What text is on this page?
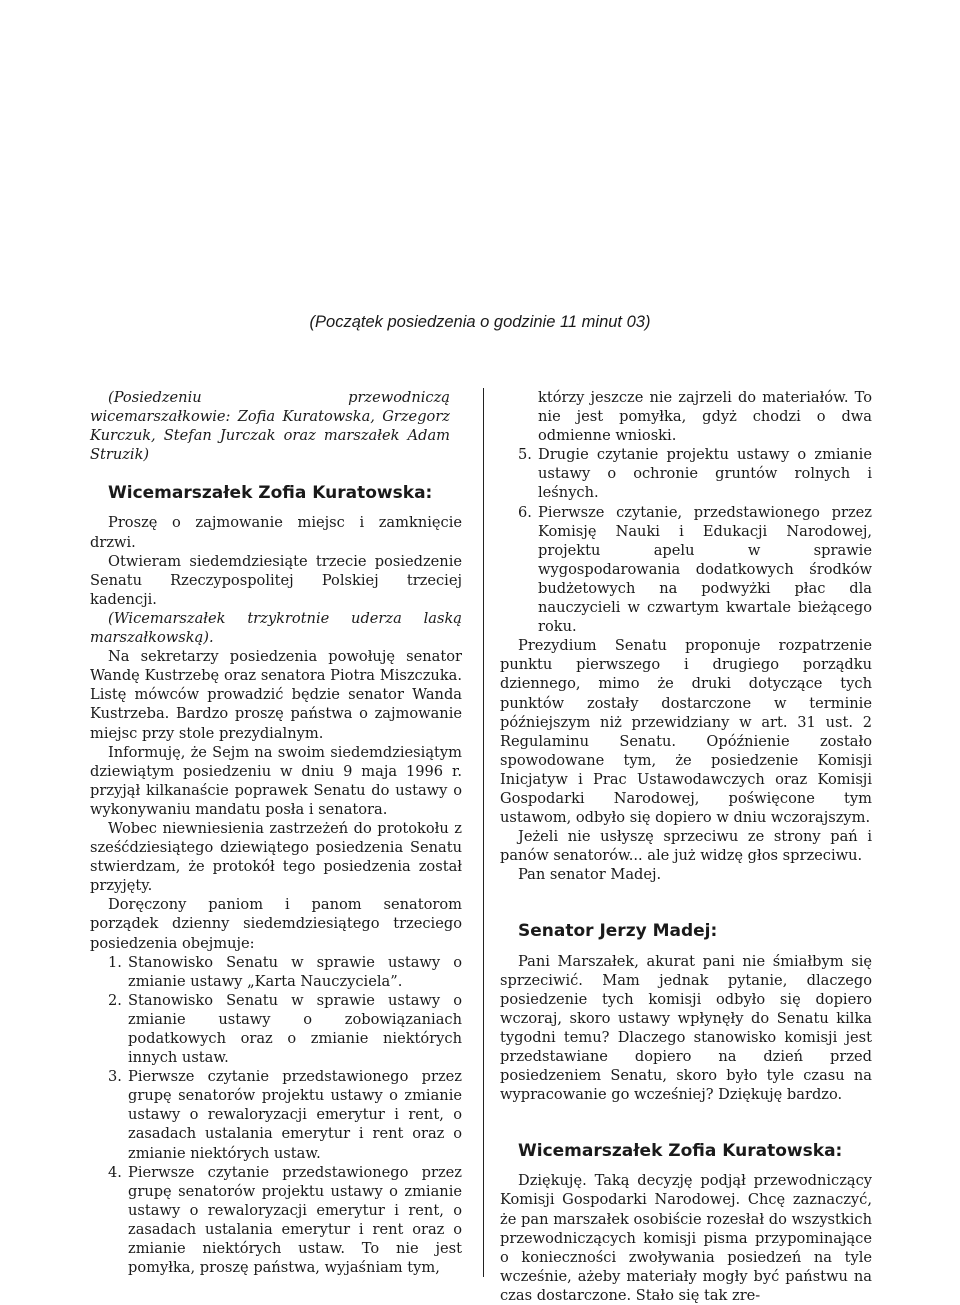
(Początek posiedzenia o godzinie 11 minut 03)

(Posiedzeniu przewodniczą wicemarszałkowie: Zofia Kuratowska, Grzegorz Kurczuk, Stefan Jurczak oraz marszałek Adam Struzik)

Wicemarszałek Zofia Kuratowska:

Proszę o zajmowanie miejsc i zamknięcie drzwi.

Otwieram siedemdziesiąte trzecie posiedzenie Senatu Rzeczypospolitej Polskiej trzeciej kadencji.

(Wicemarszałek trzykrotnie uderza laską marszałkowską).

Na sekretarzy posiedzenia powołuję senator Wandę Kustrzebę oraz senatora Piotra Miszczuka. Listę mówców prowadzić będzie senator Wanda Kustrzeba. Bardzo proszę państwa o zajmowanie miejsc przy stole prezydialnym.

Informuję, że Sejm na swoim siedemdziesiątym dziewiątym posiedzeniu w dniu 9 maja 1996 r. przyjął kilkanaście poprawek Senatu do ustawy o wykonywaniu mandatu posła i senatora.

Wobec niewniesienia zastrzeżeń do protokołu z sześćdziesiątego dziewiątego posiedzenia Senatu stwierdzam, że protokół tego posiedzenia został przyjęty.

Doręczony paniom i panom senatorom porządek dzienny siedemdziesiątego trzeciego posiedzenia obejmuje:

1. Stanowisko Senatu w sprawie ustawy o zmianie ustawy „Karta Nauczyciela”.
2. Stanowisko Senatu w sprawie ustawy o zmianie ustawy o zobowiązaniach podatkowych oraz o zmianie niektórych innych ustaw.
3. Pierwsze czytanie przedstawionego przez grupę senatorów projektu ustawy o zmianie ustawy o rewaloryzacji emerytur i rent, o zasadach ustalania emerytur i rent oraz o zmianie niektórych ustaw.
4. Pierwsze czytanie przedstawionego przez grupę senatorów projektu ustawy o zmianie ustawy o rewaloryzacji emerytur i rent, o zasadach ustalania emerytur i rent oraz o zmianie niektórych ustaw. To nie jest pomyłka, proszę państwa, wyjaśniam tym,

którzy jeszcze nie zajrzeli do materiałów. To nie jest pomyłka, gdyż chodzi o dwa odmienne wnioski.

5. Drugie czytanie projektu ustawy o zmianie ustawy o ochronie gruntów rolnych i leśnych.
6. Pierwsze czytanie, przedstawionego przez Komisję Nauki i Edukacji Narodowej, projektu apelu w sprawie wygospodarowania dodatkowych środków budżetowych na podwyżki płac dla nauczycieli w czwartym kwartale bieżącego roku.

Prezydium Senatu proponuje rozpatrzenie punktu pierwszego i drugiego porządku dziennego, mimo że druki dotyczące tych punktów zostały dostarczone w terminie późniejszym niż przewidziany w art. 31 ust. 2 Regulaminu Senatu. Opóźnienie zostało spowodowane tym, że posiedzenie Komisji Inicjatyw i Prac Ustawodawczych oraz Komisji Gospodarki Narodowej, poświęcone tym ustawom, odbyło się dopiero w dniu wczorajszym.

Jeżeli nie usłyszę sprzeciwu ze strony pań i panów senatorów... ale już widzę głos sprzeciwu.

Pan senator Madej.

Senator Jerzy Madej:

Pani Marszałek, akurat pani nie śmiałbym się sprzeciwić. Mam jednak pytanie, dlaczego posiedzenie tych komisji odbyło się dopiero wczoraj, skoro ustawy wpłynęły do Senatu kilka tygodni temu? Dlaczego stanowisko komisji jest przedstawiane dopiero na dzień przed posiedzeniem Senatu, skoro było tyle czasu na wypracowanie go wcześniej? Dziękuję bardzo.

Wicemarszałek Zofia Kuratowska:

Dziękuję. Taką decyzję podjął przewodniczący Komisji Gospodarki Narodowej. Chcę zaznaczyć, że pan marszałek osobiście rozesłał do wszystkich przewodniczących komisji pisma przypominające o konieczności zwoływania posiedzeń na tyle wcześnie, ażeby materiały mogły być państwu na czas dostarczone. Stało się tak zre-
